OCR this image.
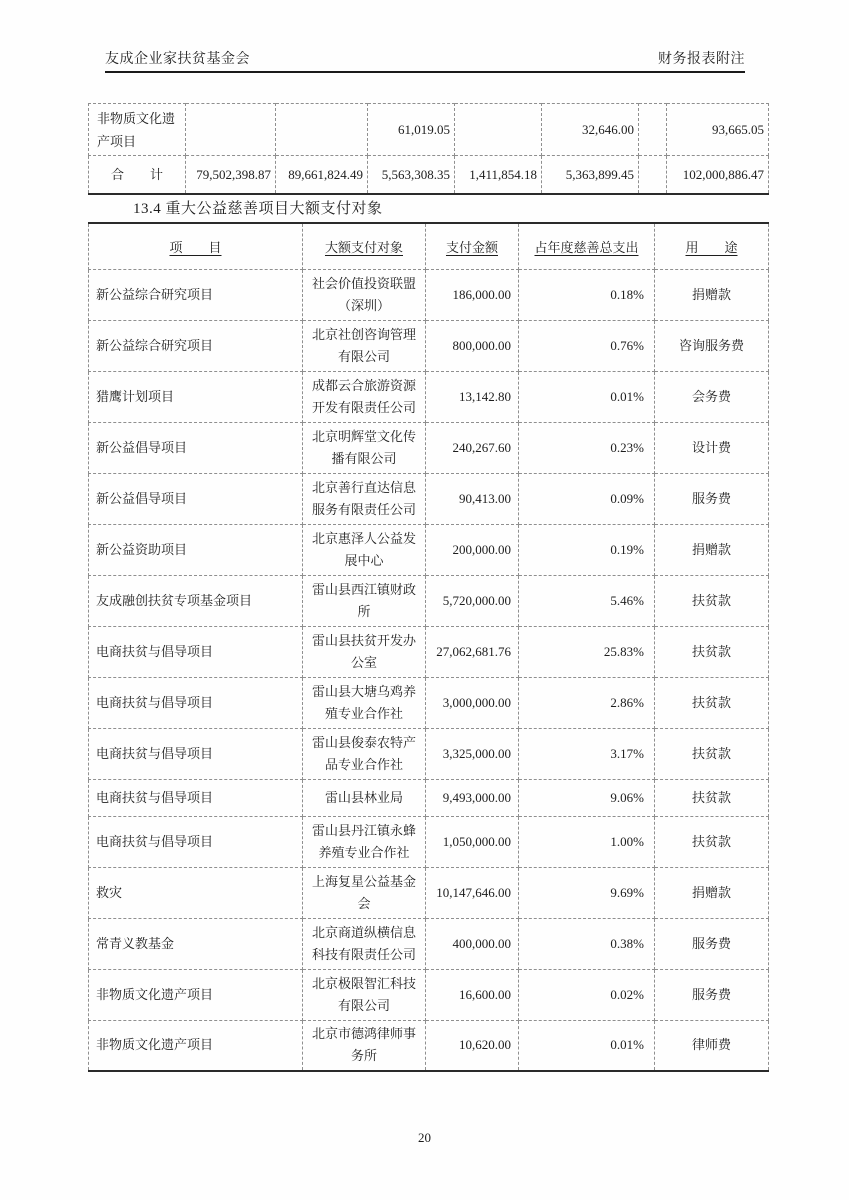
友成企业家扶贫基金会	财务报表附注
非物质文化遗产项目			61,019.05		32,646.00		93,665.05
合　　计	79,502,398.87	89,661,824.49	5,563,308.35	1,411,854.18	5,363,899.45		102,000,886.47
13.4 重大公益慈善项目大额支付对象
项　　目	大额支付对象	支付金额	占年度慈善总支出	用　　途
新公益综合研究项目	社会价值投资联盟（深圳）	186,000.00	0.18%	捐赠款
新公益综合研究项目	北京社创咨询管理有限公司	800,000.00	0.76%	咨询服务费
猎鹰计划项目	成都云合旅游资源开发有限责任公司	13,142.80	0.01%	会务费
新公益倡导项目	北京明辉堂文化传播有限公司	240,267.60	0.23%	设计费
新公益倡导项目	北京善行直达信息服务有限责任公司	90,413.00	0.09%	服务费
新公益资助项目	北京惠泽人公益发展中心	200,000.00	0.19%	捐赠款
友成融创扶贫专项基金项目	雷山县西江镇财政所	5,720,000.00	5.46%	扶贫款
电商扶贫与倡导项目	雷山县扶贫开发办公室	27,062,681.76	25.83%	扶贫款
电商扶贫与倡导项目	雷山县大塘乌鸡养殖专业合作社	3,000,000.00	2.86%	扶贫款
电商扶贫与倡导项目	雷山县俊泰农特产品专业合作社	3,325,000.00	3.17%	扶贫款
电商扶贫与倡导项目	雷山县林业局	9,493,000.00	9.06%	扶贫款
电商扶贫与倡导项目	雷山县丹江镇永蜂养殖专业合作社	1,050,000.00	1.00%	扶贫款
救灾	上海复星公益基金会	10,147,646.00	9.69%	捐赠款
常青义教基金	北京商道纵横信息科技有限责任公司	400,000.00	0.38%	服务费
非物质文化遗产项目	北京极限智汇科技有限公司	16,600.00	0.02%	服务费
非物质文化遗产项目	北京市德鸿律师事务所	10,620.00	0.01%	律师费
20
